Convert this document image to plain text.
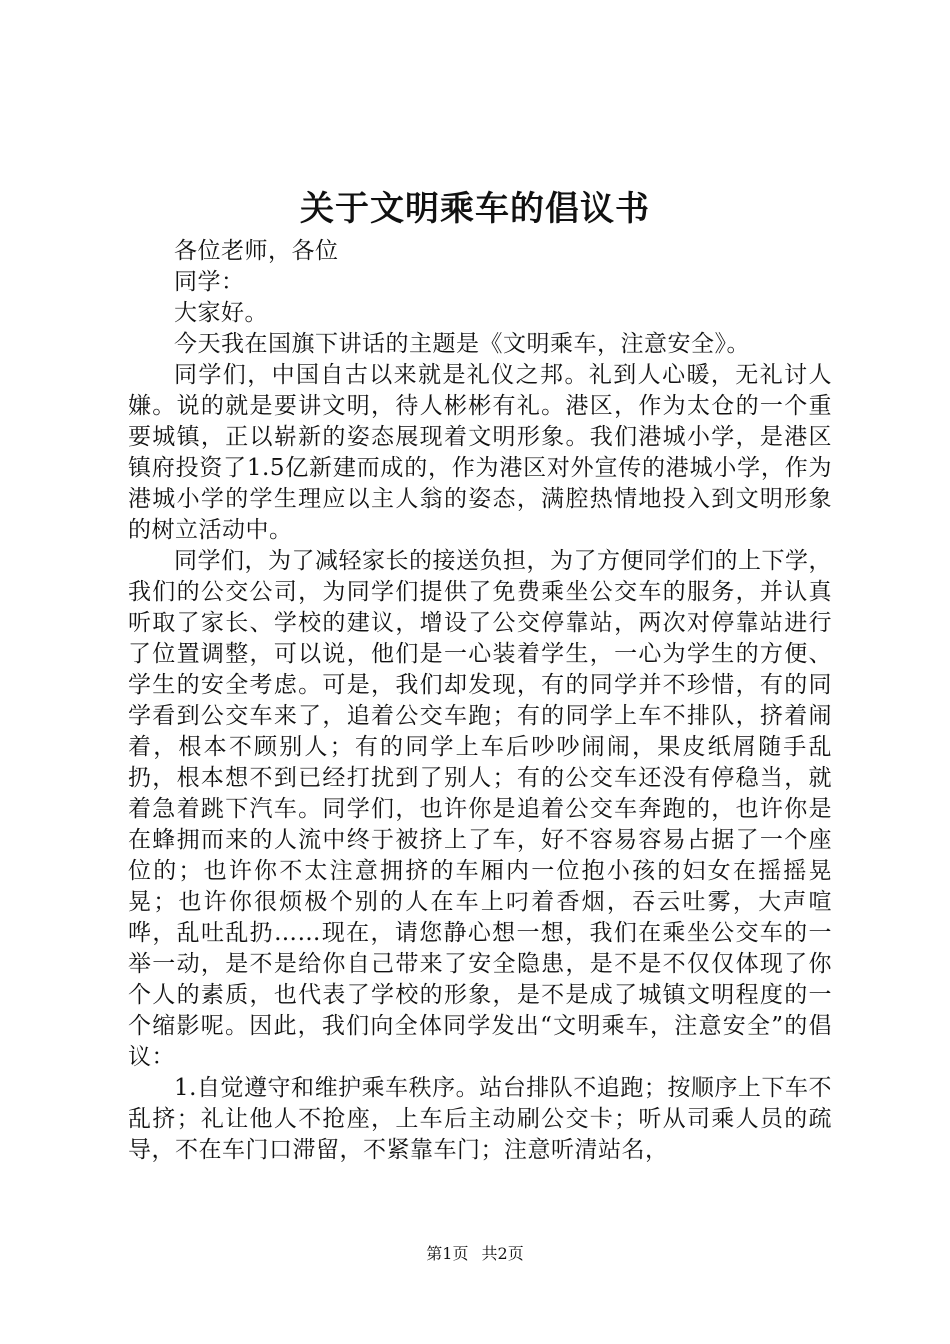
关于文明乘车的倡议书

各位老师，各位

同学：

大家好。

今天我在国旗下讲话的主题是《文明乘车，注意安全》。

同学们，中国自古以来就是礼仪之邦。礼到人心暖，无礼讨人嫌。说的就是要讲文明，待人彬彬有礼。港区，作为太仓的一个重要城镇，正以崭新的姿态展现着文明形象。我们港城小学，是港区镇府投资了1.5亿新建而成的，作为港区对外宣传的港城小学，作为港城小学的学生理应以主人翁的姿态，满腔热情地投入到文明形象的树立活动中。

同学们，为了减轻家长的接送负担，为了方便同学们的上下学，我们的公交公司，为同学们提供了免费乘坐公交车的服务，并认真听取了家长、学校的建议，增设了公交停靠站，两次对停靠站进行了位置调整，可以说，他们是一心装着学生，一心为学生的方便、学生的安全考虑。可是，我们却发现，有的同学并不珍惜，有的同学看到公交车来了，追着公交车跑；有的同学上车不排队，挤着闹着，根本不顾别人；有的同学上车后吵吵闹闹，果皮纸屑随手乱扔，根本想不到已经打扰到了别人；有的公交车还没有停稳当，就着急着跳下汽车。同学们，也许你是追着公交车奔跑的，也许你是在蜂拥而来的人流中终于被挤上了车，好不容易容易占据了一个座位的；也许你不太注意拥挤的车厢内一位抱小孩的妇女在摇摇晃晃；也许你很烦极个别的人在车上叼着香烟，吞云吐雾，大声喧哗，乱吐乱扔……现在，请您静心想一想，我们在乘坐公交车的一举一动，是不是给你自己带来了安全隐患，是不是不仅仅体现了你个人的素质，也代表了学校的形象，是不是成了城镇文明程度的一个缩影呢。因此，我们向全体同学发出“文明乘车，注意安全”的倡议：

1.自觉遵守和维护乘车秩序。站台排队不追跑；按顺序上下车不乱挤；礼让他人不抢座，上车后主动刷公交卡；听从司乘人员的疏导，不在车门口滞留，不紧靠车门；注意听清站名，

第1页 共2页
